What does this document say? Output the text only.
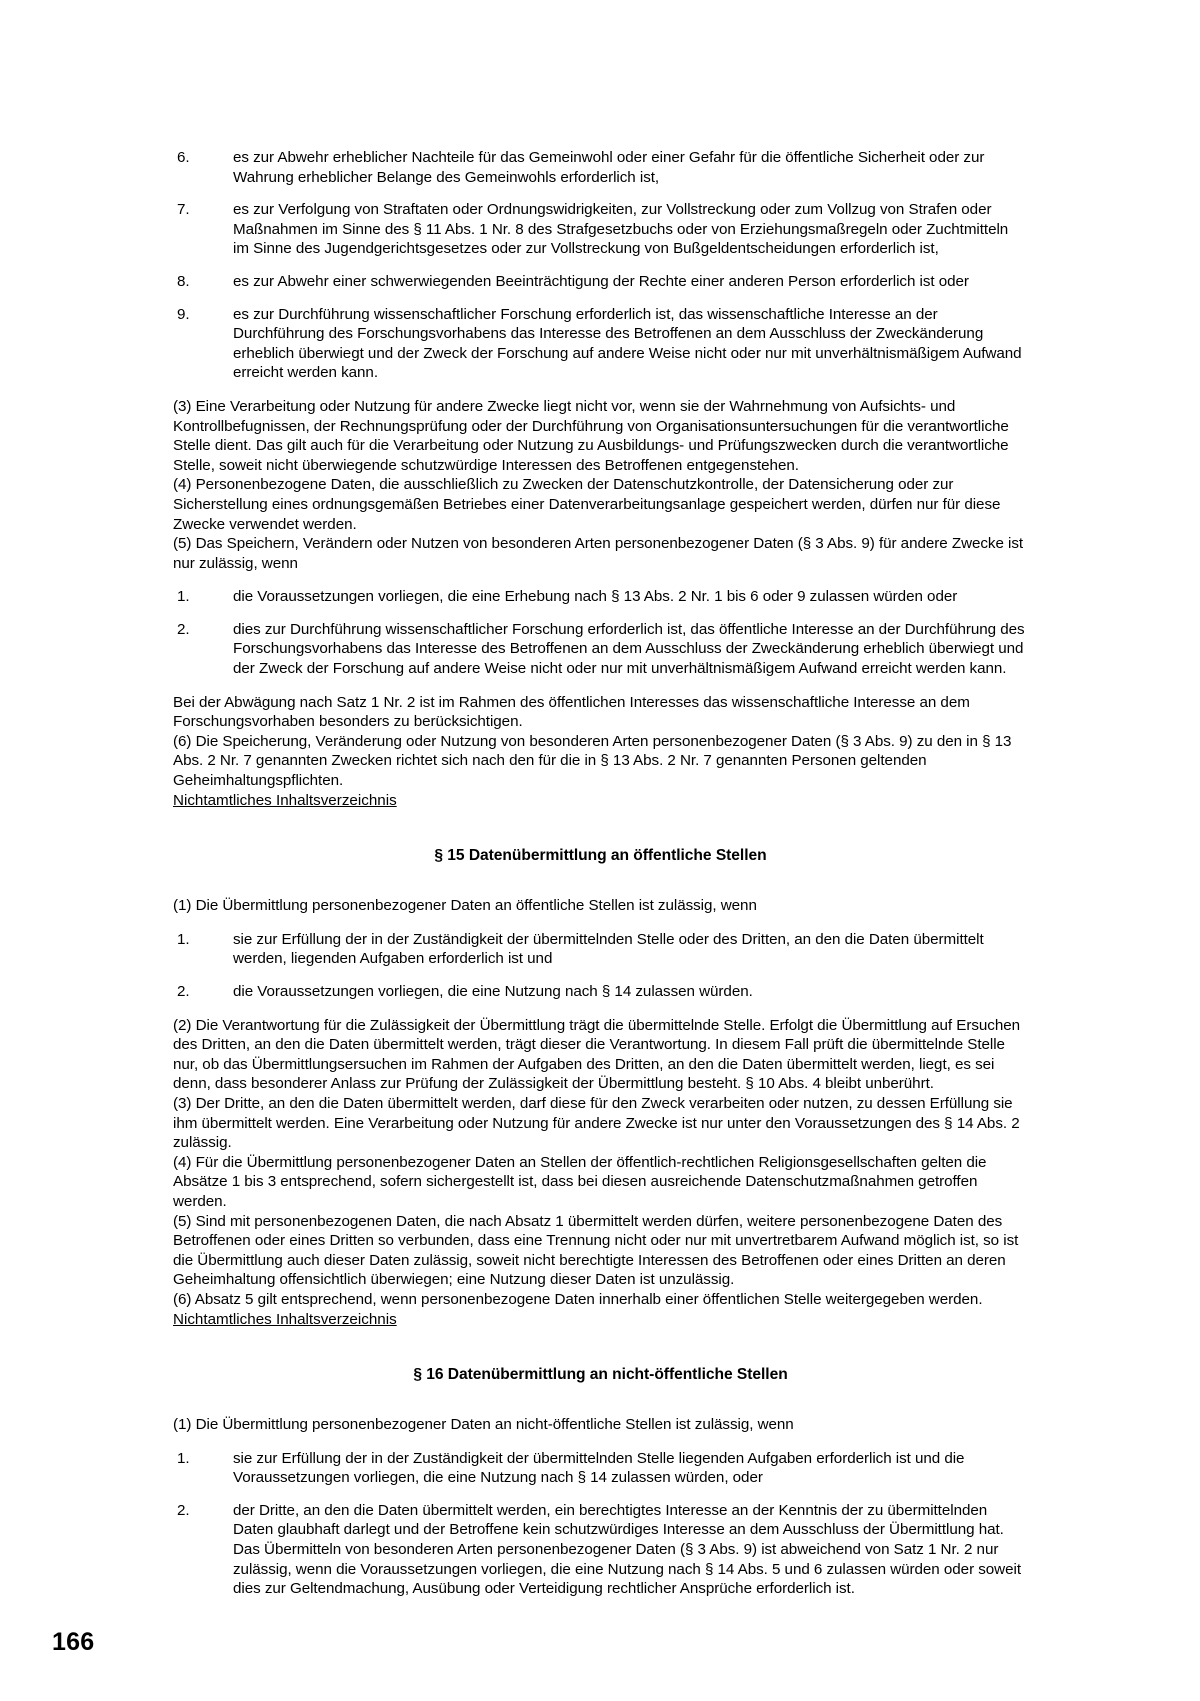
6.	es zur Abwehr erheblicher Nachteile für das Gemeinwohl oder einer Gefahr für die öffentliche Sicherheit oder zur Wahrung erheblicher Belange des Gemeinwohls erforderlich ist,
7.	es zur Verfolgung von Straftaten oder Ordnungswidrigkeiten, zur Vollstreckung oder zum Vollzug von Strafen oder Maßnahmen im Sinne des § 11 Abs. 1 Nr. 8 des Strafgesetzbuchs oder von Erziehungsmaßregeln oder Zuchtmitteln im Sinne des Jugendgerichtsgesetzes oder zur Vollstreckung von Bußgeldentscheidungen erforderlich ist,
8.	es zur Abwehr einer schwerwiegenden Beeinträchtigung der Rechte einer anderen Person erforderlich ist oder
9.	es zur Durchführung wissenschaftlicher Forschung erforderlich ist, das wissenschaftliche Interesse an der Durchführung des Forschungsvorhabens das Interesse des Betroffenen an dem Ausschluss der Zweckänderung erheblich überwiegt und der Zweck der Forschung auf andere Weise nicht oder nur mit unverhältnismäßigem Aufwand erreicht werden kann.

(3) Eine Verarbeitung oder Nutzung für andere Zwecke liegt nicht vor, wenn sie der Wahrnehmung von Aufsichts- und Kontrollbefugnissen, der Rechnungsprüfung oder der Durchführung von Organisationsuntersuchungen für die verantwortliche Stelle dient. Das gilt auch für die Verarbeitung oder Nutzung zu Ausbildungs- und Prüfungszwecken durch die verantwortliche Stelle, soweit nicht überwiegende schutzwürdige Interessen des Betroffenen entgegenstehen.
(4) Personenbezogene Daten, die ausschließlich zu Zwecken der Datenschutzkontrolle, der Datensicherung oder zur Sicherstellung eines ordnungsgemäßen Betriebes einer Datenverarbeitungsanlage gespeichert werden, dürfen nur für diese Zwecke verwendet werden.
(5) Das Speichern, Verändern oder Nutzen von besonderen Arten personenbezogener Daten (§ 3 Abs. 9) für andere Zwecke ist nur zulässig, wenn

1.	die Voraussetzungen vorliegen, die eine Erhebung nach § 13 Abs. 2 Nr. 1 bis 6 oder 9 zulassen würden oder
2.	dies zur Durchführung wissenschaftlicher Forschung erforderlich ist, das öffentliche Interesse an der Durchführung des Forschungsvorhabens das Interesse des Betroffenen an dem Ausschluss der Zweckänderung erheblich überwiegt und der Zweck der Forschung auf andere Weise nicht oder nur mit unverhältnismäßigem Aufwand erreicht werden kann.

Bei der Abwägung nach Satz 1 Nr. 2 ist im Rahmen des öffentlichen Interesses das wissenschaftliche Interesse an dem Forschungsvorhaben besonders zu berücksichtigen.
(6) Die Speicherung, Veränderung oder Nutzung von besonderen Arten personenbezogener Daten (§ 3 Abs. 9) zu den in § 13 Abs. 2 Nr. 7 genannten Zwecken richtet sich nach den für die in § 13 Abs. 2 Nr. 7 genannten Personen geltenden Geheimhaltungspflichten.

Nichtamtliches Inhaltsverzeichnis
§ 15 Datenübermittlung an öffentliche Stellen

(1) Die Übermittlung personenbezogener Daten an öffentliche Stellen ist zulässig, wenn

1.	sie zur Erfüllung der in der Zuständigkeit der übermittelnden Stelle oder des Dritten, an den die Daten übermittelt werden, liegenden Aufgaben erforderlich ist und
2.	die Voraussetzungen vorliegen, die eine Nutzung nach § 14 zulassen würden.

(2) Die Verantwortung für die Zulässigkeit der Übermittlung trägt die übermittelnde Stelle. Erfolgt die Übermittlung auf Ersuchen des Dritten, an den die Daten übermittelt werden, trägt dieser die Verantwortung. In diesem Fall prüft die übermittelnde Stelle nur, ob das Übermittlungsersuchen im Rahmen der Aufgaben des Dritten, an den die Daten übermittelt werden, liegt, es sei denn, dass besonderer Anlass zur Prüfung der Zulässigkeit der Übermittlung besteht. § 10 Abs. 4 bleibt unberührt.
(3) Der Dritte, an den die Daten übermittelt werden, darf diese für den Zweck verarbeiten oder nutzen, zu dessen Erfüllung sie ihm übermittelt werden. Eine Verarbeitung oder Nutzung für andere Zwecke ist nur unter den Voraussetzungen des § 14 Abs. 2 zulässig.
(4) Für die Übermittlung personenbezogener Daten an Stellen der öffentlich-rechtlichen Religionsgesellschaften gelten die Absätze 1 bis 3 entsprechend, sofern sichergestellt ist, dass bei diesen ausreichende Datenschutzmaßnahmen getroffen werden.
(5) Sind mit personenbezogenen Daten, die nach Absatz 1 übermittelt werden dürfen, weitere personenbezogene Daten des Betroffenen oder eines Dritten so verbunden, dass eine Trennung nicht oder nur mit unvertretbarem Aufwand möglich ist, so ist die Übermittlung auch dieser Daten zulässig, soweit nicht berechtigte Interessen des Betroffenen oder eines Dritten an deren Geheimhaltung offensichtlich überwiegen; eine Nutzung dieser Daten ist unzulässig.
(6) Absatz 5 gilt entsprechend, wenn personenbezogene Daten innerhalb einer öffentlichen Stelle weitergegeben werden.

Nichtamtliches Inhaltsverzeichnis
§ 16 Datenübermittlung an nicht-öffentliche Stellen

(1) Die Übermittlung personenbezogener Daten an nicht-öffentliche Stellen ist zulässig, wenn

1.	sie zur Erfüllung der in der Zuständigkeit der übermittelnden Stelle liegenden Aufgaben erforderlich ist und die Voraussetzungen vorliegen, die eine Nutzung nach § 14 zulassen würden, oder
2.	der Dritte, an den die Daten übermittelt werden, ein berechtigtes Interesse an der Kenntnis der zu übermittelnden Daten glaubhaft darlegt und der Betroffene kein schutzwürdiges Interesse an dem Ausschluss der Übermittlung hat. Das Übermitteln von besonderen Arten personenbezogener Daten (§ 3 Abs. 9) ist abweichend von Satz 1 Nr. 2 nur zulässig, wenn die Voraussetzungen vorliegen, die eine Nutzung nach § 14 Abs. 5 und 6 zulassen würden oder soweit dies zur Geltendmachung, Ausübung oder Verteidigung rechtlicher Ansprüche erforderlich ist.
166
